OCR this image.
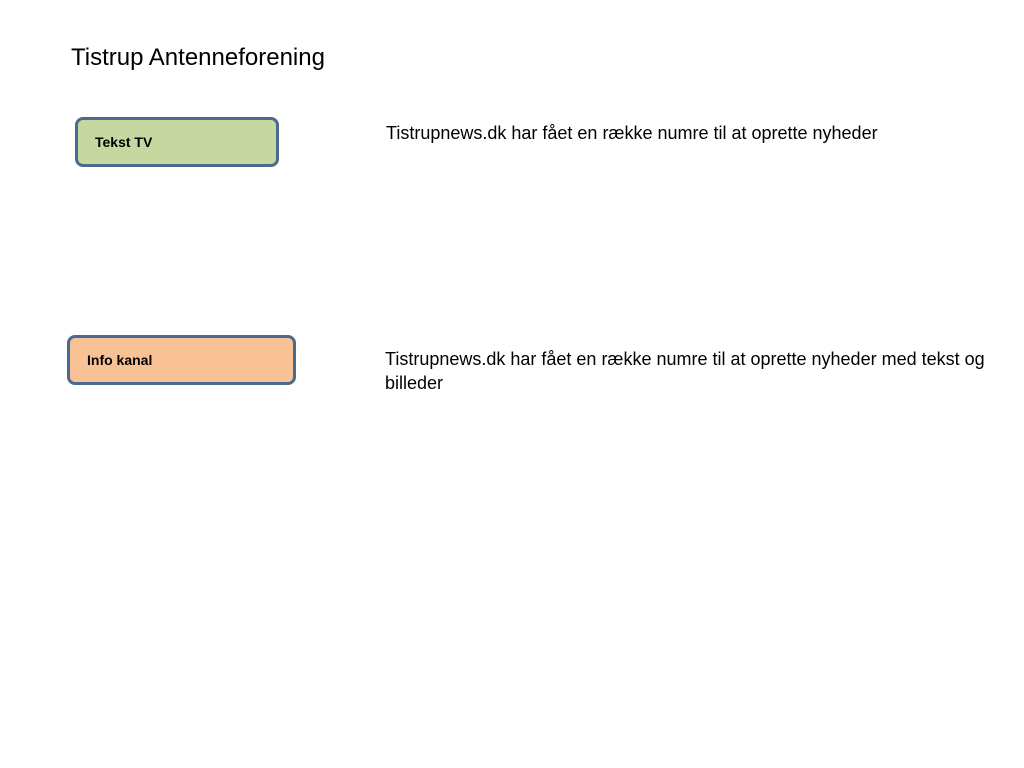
Tistrup Antenneforening
Tekst TV	Tistrupnews.dk har fået en række numre til at oprette nyheder
Info kanal	Tistrupnews.dk har fået en række numre til at oprette nyheder med tekst og billeder
